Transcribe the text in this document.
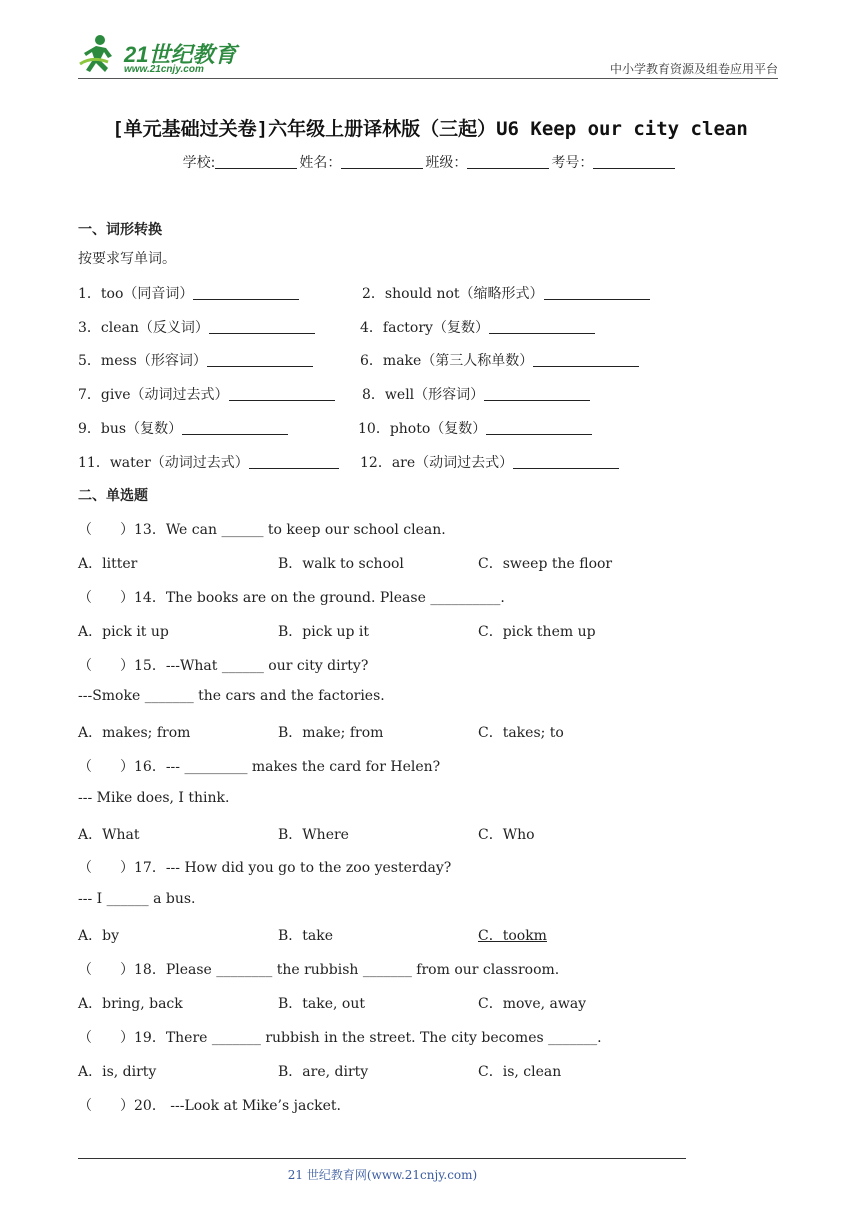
21世纪教育
www.21cnjy.com	中小学教育资源及组卷应用平台
[单元基础过关卷]六年级上册译林版（三起）U6 Keep our city clean
学校:	姓名：	班级：	考号：
一、词形转换
按要求写单词。
1．too（同音词）	2．should not（缩略形式）
3．clean（反义词）	4．factory（复数）
5．mess（形容词）	6．make（第三人称单数）
7．give（动词过去式）	8．well（形容词）
9．bus（复数）	10．photo（复数）
11．water（动词过去式）	12．are（动词过去式）
二、单选题
（　　）13．We can ______ to keep our school clean.
A．litter	B．walk to school	C．sweep the floor
（　　）14．The books are on the ground. Please __________.
A．pick it up	B．pick up it	C．pick them up
（　　）15．---What ______ our city dirty?
---Smoke _______ the cars and the factories.
A．makes; from	B．make; from	C．takes; to
（　　）16．--- _________ makes the card for Helen?
--- Mike does, I think.
A．What	B．Where	C．Who
（　　）17．--- How did you go to the zoo yesterday?
--- I ______ a bus.
A．by	B．take	C．tookm
（　　）18．Please ________ the rubbish _______ from our classroom.
A．bring, back	B．take, out	C．move, away
（　　）19．There _______ rubbish in the street. The city becomes _______.
A．is, dirty	B．are, dirty	C．is, clean
（　　）20． ---Look at Mike’s jacket.
21 世纪教育网(www.21cnjy.com)
